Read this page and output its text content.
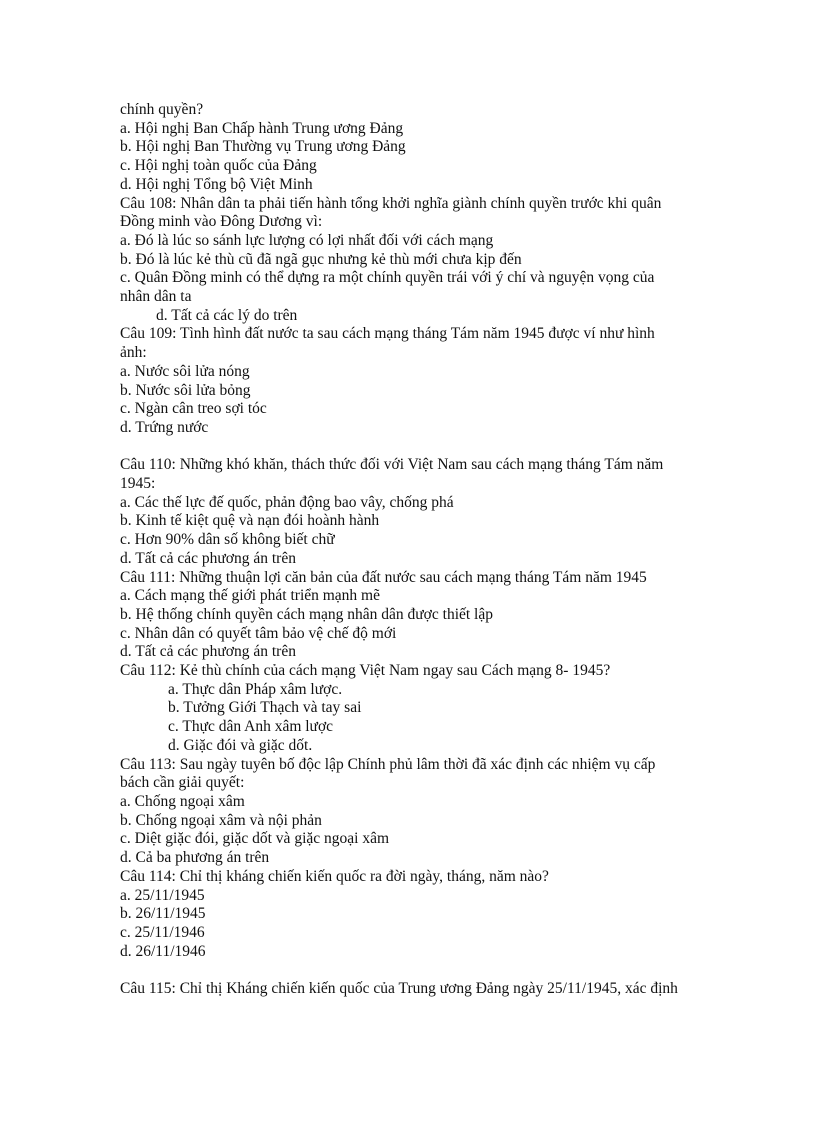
chính quyền?
a. Hội nghị Ban Chấp hành Trung ương Đảng
b. Hội nghị Ban Thường vụ Trung ương Đảng
c. Hội nghị toàn quốc của Đảng
d. Hội nghị Tổng bộ Việt Minh
Câu 108: Nhân dân ta phải tiến hành tổng khởi nghĩa giành chính quyền trước khi quân
Đồng minh vào Đông Dương vì:
a. Đó là lúc so sánh lực lượng có lợi nhất đối với cách mạng
b. Đó là lúc kẻ thù cũ đã ngã gục nhưng kẻ thù mới chưa kịp đến
c. Quân Đồng minh có thể dựng ra một chính quyền trái với ý chí và nguyện vọng của
nhân dân ta
d. Tất cả các lý do trên
Câu 109: Tình hình đất nước ta sau cách mạng tháng Tám năm 1945 được ví như hình
ảnh:
a. Nước sôi lửa nóng
b. Nước sôi lửa bỏng
c. Ngàn cân treo sợi tóc
d. Trứng nước
Câu 110: Những khó khăn, thách thức đối với Việt Nam sau cách mạng tháng Tám năm
1945:
a. Các thế lực đế quốc, phản động bao vây, chống phá
b. Kinh tế kiệt quệ và nạn đói hoành hành
c. Hơn 90% dân số không biết chữ
d. Tất cả các phương án trên
Câu 111: Những thuận lợi căn bản của đất nước sau cách mạng tháng Tám năm 1945
a. Cách mạng thế giới phát triển mạnh mẽ
b. Hệ thống chính quyền cách mạng nhân dân được thiết lập
c. Nhân dân có quyết tâm bảo vệ chế độ mới
d. Tất cả các phương án trên
Câu 112: Kẻ thù chính của cách mạng Việt Nam ngay sau Cách mạng 8- 1945?
a. Thực dân Pháp xâm lược.
b. Tưởng Giới Thạch và tay sai
c. Thực dân Anh xâm lược
d. Giặc đói và giặc dốt.
Câu 113: Sau ngày tuyên bố độc lập Chính phủ lâm thời đã xác định các nhiệm vụ cấp
bách cần giải quyết:
a. Chống ngoại xâm
b. Chống ngoại xâm và nội phản
c. Diệt giặc đói, giặc dốt và giặc ngoại xâm
d. Cả ba phương án trên
Câu 114: Chỉ thị kháng chiến kiến quốc ra đời ngày, tháng, năm nào?
a. 25/11/1945
b. 26/11/1945
c. 25/11/1946
d. 26/11/1946
Câu 115: Chỉ thị Kháng chiến kiến quốc của Trung ương Đảng ngày 25/11/1945, xác định
